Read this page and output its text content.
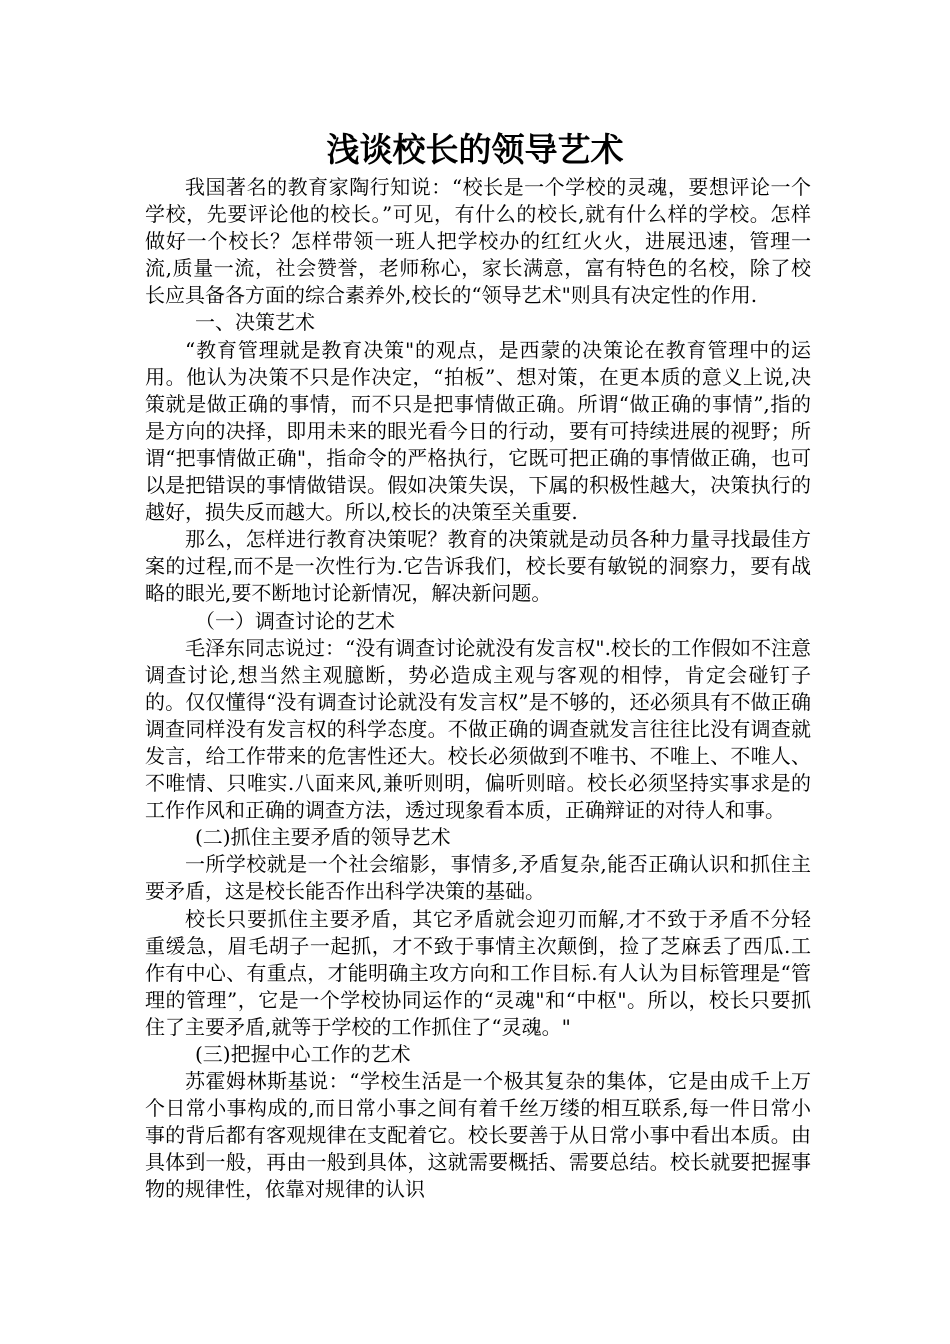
浅谈校长的领导艺术

我国著名的教育家陶行知说：“校长是一个学校的灵魂，要想评论一个学校，先要评论他的校长。”可见，有什么的校长,就有什么样的学校。怎样做好一个校长？怎样带领一班人把学校办的红红火火，进展迅速，管理一流,质量一流，社会赞誉，老师称心，家长满意，富有特色的名校，除了校长应具备各方面的综合素养外,校长的“领导艺术"则具有决定性的作用.

一、决策艺术

“教育管理就是教育决策"的观点，是西蒙的决策论在教育管理中的运用。他认为决策不只是作决定，“拍板”、想对策，在更本质的意义上说,决策就是做正确的事情，而不只是把事情做正确。所谓“做正确的事情”,指的是方向的决择，即用未来的眼光看今日的行动，要有可持续进展的视野；所谓“把事情做正确"，指命令的严格执行，它既可把正确的事情做正确，也可以是把错误的事情做错误。假如决策失误，下属的积极性越大，决策执行的越好，损失反而越大。所以,校长的决策至关重要.

那么，怎样进行教育决策呢？教育的决策就是动员各种力量寻找最佳方案的过程,而不是一次性行为.它告诉我们，校长要有敏锐的洞察力，要有战略的眼光,要不断地讨论新情况，解决新问题。

（一）调查讨论的艺术

毛泽东同志说过：“没有调查讨论就没有发言权".校长的工作假如不注意调查讨论,想当然主观臆断，势必造成主观与客观的相悖，肯定会碰钉子的。仅仅懂得“没有调查讨论就没有发言权”是不够的，还必须具有不做正确调查同样没有发言权的科学态度。不做正确的调查就发言往往比没有调查就发言，给工作带来的危害性还大。校长必须做到不唯书、不唯上、不唯人、不唯情、只唯实.八面来风,兼听则明，偏听则暗。校长必须坚持实事求是的工作作风和正确的调查方法，透过现象看本质，正确辩证的对待人和事。

(二)抓住主要矛盾的领导艺术

一所学校就是一个社会缩影，事情多,矛盾复杂,能否正确认识和抓住主要矛盾，这是校长能否作出科学决策的基础。

校长只要抓住主要矛盾，其它矛盾就会迎刃而解,才不致于矛盾不分轻重缓急，眉毛胡子一起抓，才不致于事情主次颠倒，捡了芝麻丢了西瓜.工作有中心、有重点，才能明确主攻方向和工作目标.有人认为目标管理是“管理的管理”，它是一个学校协同运作的“灵魂"和“中枢"。所以，校长只要抓住了主要矛盾,就等于学校的工作抓住了“灵魂。"

(三)把握中心工作的艺术

苏霍姆林斯基说：“学校生活是一个极其复杂的集体，它是由成千上万个日常小事构成的,而日常小事之间有着千丝万缕的相互联系,每一件日常小事的背后都有客观规律在支配着它。校长要善于从日常小事中看出本质。由具体到一般，再由一般到具体，这就需要概括、需要总结。校长就要把握事物的规律性，依靠对规律的认识
